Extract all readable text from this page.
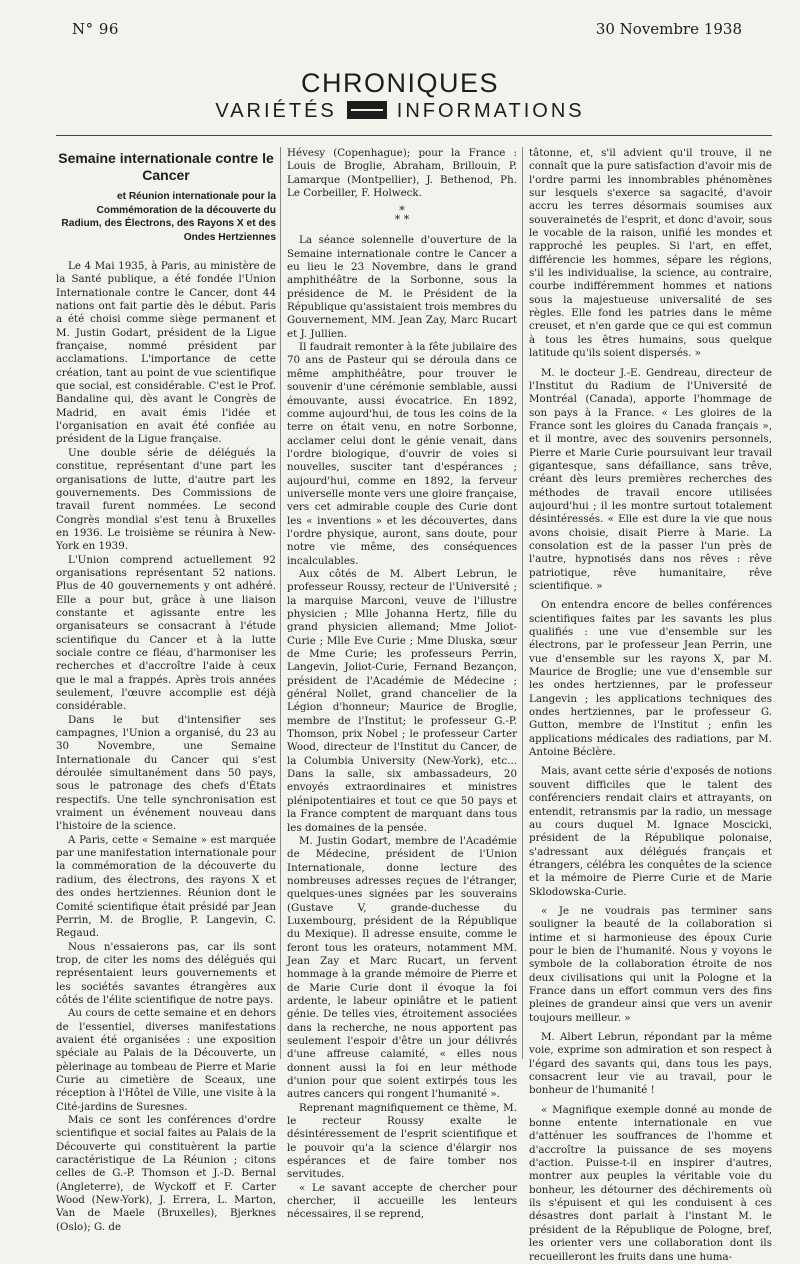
N° 96	30 Novembre 1938
CHRONIQUES
VARIÉTÉS	INFORMATIONS
Semaine internationale contre le Cancer
et Réunion internationale pour la Commémoration de la découverte du Radium, des Électrons, des Rayons X et des Ondes Hertziennes

Le 4 Mai 1935, à Paris, au ministère de la Santé publique, a été fondée l'Union Internationale contre le Cancer, dont 44 nations ont fait partie dès le début. Paris a été choisi comme siège permanent et M. Justin Godart, président de la Ligue française, nommé président par acclamations. L'importance de cette création, tant au point de vue scientifique que social, est considérable. C'est le Prof. Bandaline qui, dès avant le Congrès de Madrid, en avait émis l'idée et l'organisation en avait été confiée au président de la Ligue française.

Une double série de délégués la constitue, représentant d'une part les organisations de lutte, d'autre part les gouvernements. Des Commissions de travail furent nommées. Le second Congrès mondial s'est tenu à Bruxelles en 1936. Le troisième se réunira à New-York en 1939.

L'Union comprend actuellement 92 organisations représentant 52 nations. Plus de 40 gouvernements y ont adhéré. Elle a pour but, grâce à une liaison constante et agissante entre les organisateurs se consacrant à l'étude scientifique du Cancer et à la lutte sociale contre ce fléau, d'harmoniser les recherches et d'accroître l'aide à ceux que le mal a frappés. Après trois années seulement, l'œuvre accomplie est déjà considérable.

Dans le but d'intensifier ses campagnes, l'Union a organisé, du 23 au 30 Novembre, une Semaine Internationale du Cancer qui s'est déroulée simultanément dans 50 pays, sous le patronage des chefs d'États respectifs. Une telle synchronisation est vraiment un événement nouveau dans l'histoire de la science.

A Paris, cette « Semaine » est marquée par une manifestation internationale pour la commémoration de la découverte du radium, des électrons, des rayons X et des ondes hertziennes. Réunion dont le Comité scientifique était présidé par Jean Perrin, M. de Broglie, P. Langevin, C. Regaud.

Nous n'essaierons pas, car ils sont trop, de citer les noms des délégués qui représentaient leurs gouvernements et les sociétés savantes étrangères aux côtés de l'élite scientifique de notre pays.

Au cours de cette semaine et en dehors de l'essentiel, diverses manifestations avaient été organisées : une exposition spéciale au Palais de la Découverte, un pèlerinage au tombeau de Pierre et Marie Curie au cimetière de Sceaux, une réception à l'Hôtel de Ville, une visite à la Cité-jardins de Suresnes.

Mais ce sont les conférences d'ordre scientifique et social faites au Palais de la Découverte qui constituèrent la partie caractéristique de La Réunion ; citons celles de G.-P. Thomson et J.-D. Bernal (Angleterre), de Wyckoff et F. Carter Wood (New-York), J. Errera, L. Marton, Van de Maele (Bruxelles), Bjerknes (Oslo); G. de

Hévesy (Copenhague); pour la France : Louis de Broglie, Abraham, Brillouin, P. Lamarque (Montpellier), J. Bethenod, Ph. Le Corbeiller, F. Holweck.

*
* *

La séance solennelle d'ouverture de la Semaine internationale contre le Cancer a eu lieu le 23 Novembre, dans le grand amphithéâtre de la Sorbonne, sous la présidence de M. le Président de la République qu'assistaient trois membres du Gouvernement, MM. Jean Zay, Marc Rucart et J. Jullien.

Il faudrait remonter à la fête jubilaire des 70 ans de Pasteur qui se déroula dans ce même amphithéâtre, pour trouver le souvenir d'une cérémonie semblable, aussi émouvante, aussi évocatrice. En 1892, comme aujourd'hui, de tous les coins de la terre on était venu, en notre Sorbonne, acclamer celui dont le génie venait, dans l'ordre biologique, d'ouvrir de voies si nouvelles, susciter tant d'espérances ; aujourd'hui, comme en 1892, la ferveur universelle monte vers une gloire française, vers cet admirable couple des Curie dont les « inventions » et les découvertes, dans l'ordre physique, auront, sans doute, pour notre vie même, des conséquences incalculables.

Aux côtés de M. Albert Lebrun, le professeur Roussy, recteur de l'Université ; la marquise Marconi, veuve de l'illustre physicien ; Mlle Johanna Hertz, fille du grand physicien allemand; Mme Joliot-Curie ; Mlle Eve Curie ; Mme Dluska, sœur de Mme Curie; les professeurs Perrin, Langevin, Joliot-Curie, Fernand Bezançon, président de l'Académie de Médecine ; général Nollet, grand chancelier de la Légion d'honneur; Maurice de Broglie, membre de l'Institut; le professeur G.-P. Thomson, prix Nobel ; le professeur Carter Wood, directeur de l'Institut du Cancer, de la Columbia University (New-York), etc... Dans la salle, six ambassadeurs, 20 envoyés extraordinaires et ministres plénipotentiaires et tout ce que 50 pays et la France comptent de marquant dans tous les domaines de la pensée.

M. Justin Godart, membre de l'Académie de Médecine, président de l'Union Internationale, donne lecture des nombreuses adresses reçues de l'étranger, quelques-unes signées par les souverains (Gustave V, grande-duchesse du Luxembourg, président de la République du Mexique). Il adresse ensuite, comme le feront tous les orateurs, notamment MM. Jean Zay et Marc Rucart, un fervent hommage à la grande mémoire de Pierre et de Marie Curie dont il évoque la foi ardente, le labeur opiniâtre et le patient génie. De telles vies, étroitement associées dans la recherche, ne nous apportent pas seulement l'espoir d'être un jour délivrés d'une affreuse calamité, « elles nous donnent aussi la foi en leur méthode d'union pour que soient extirpés tous les autres cancers qui rongent l'humanité ».

Reprenant magnifiquement ce thème, M. le recteur Roussy exalte le désintéressement de l'esprit scientifique et le pouvoir qu'a la science d'élargir nos espérances et de faire tomber nos servitudes.

« Le savant accepte de chercher pour chercher, il accueille les lenteurs nécessaires, il se reprend,

tâtonne, et, s'il advient qu'il trouve, il ne connaît que la pure satisfaction d'avoir mis de l'ordre parmi les innombrables phénomènes sur lesquels s'exerce sa sagacité, d'avoir accru les terres désormais soumises aux souverainetés de l'esprit, et donc d'avoir, sous le vocable de la raison, unifié les mondes et rapproché les peuples. Si l'art, en effet, différencie les hommes, sépare les régions, s'il les individualise, la science, au contraire, courbe indifféremment hommes et nations sous la majestueuse universalité de ses règles. Elle fond les patries dans le même creuset, et n'en garde que ce qui est commun à tous les êtres humains, sous quelque latitude qu'ils soient dispersés. »

M. le docteur J.-E. Gendreau, directeur de l'Institut du Radium de l'Université de Montréal (Canada), apporte l'hommage de son pays à la France. « Les gloires de la France sont les gloires du Canada français », et il montre, avec des souvenirs personnels, Pierre et Marie Curie poursuivant leur travail gigantesque, sans défaillance, sans trêve, créant dès leurs premières recherches des méthodes de travail encore utilisées aujourd'hui ; il les montre surtout totalement désintéressés. « Elle est dure la vie que nous avons choisie, disait Pierre à Marie. La consolation est de la passer l'un près de l'autre, hypnotisés dans nos rêves : rêve patriotique, rêve humanitaire, rêve scientifique. »

On entendra encore de belles conférences scientifiques faites par les savants les plus qualifiés : une vue d'ensemble sur les électrons, par le professeur Jean Perrin, une vue d'ensemble sur les rayons X, par M. Maurice de Broglie; une vue d'ensemble sur les ondes hertziennes, par le professeur Langevin ; les applications techniques des ondes hertziennes, par le professeur G. Gutton, membre de l'Institut ; enfin les applications médicales des radiations, par M. Antoine Béclère.

Mais, avant cette série d'exposés de notions souvent difficiles que le talent des conférenciers rendait clairs et attrayants, on entendit, retransmis par la radio, un message au cours duquel M. Ignace Moscicki, président de la République polonaise, s'adressant aux délégués français et étrangers, célébra les conquêtes de la science et la mémoire de Pierre Curie et de Marie Sklodowska-Curie.

« Je ne voudrais pas terminer sans souligner la beauté de la collaboration si intime et si harmonieuse des époux Curie pour le bien de l'humanité. Nous y voyons le symbole de la collaboration étroite de nos deux civilisations qui unit la Pologne et la France dans un effort commun vers des fins pleines de grandeur ainsi que vers un avenir toujours meilleur. »

M. Albert Lebrun, répondant par la même voie, exprime son admiration et son respect à l'égard des savants qui, dans tous les pays, consacrent leur vie au travail, pour le bonheur de l'humanité !

« Magnifique exemple donné au monde de bonne entente internationale en vue d'atténuer les souffrances de l'homme et d'accroître la puissance de ses moyens d'action. Puisse-t-il en inspirer d'autres, montrer aux peuples la véritable voie du bonheur, les détourner des déchirements où ils s'épuisent et qui les conduisent à ces désastres dont parlait à l'instant M. le président de la République de Pologne, bref, les orienter vers une collaboration dont ils recueilleront les fruits dans une huma-
